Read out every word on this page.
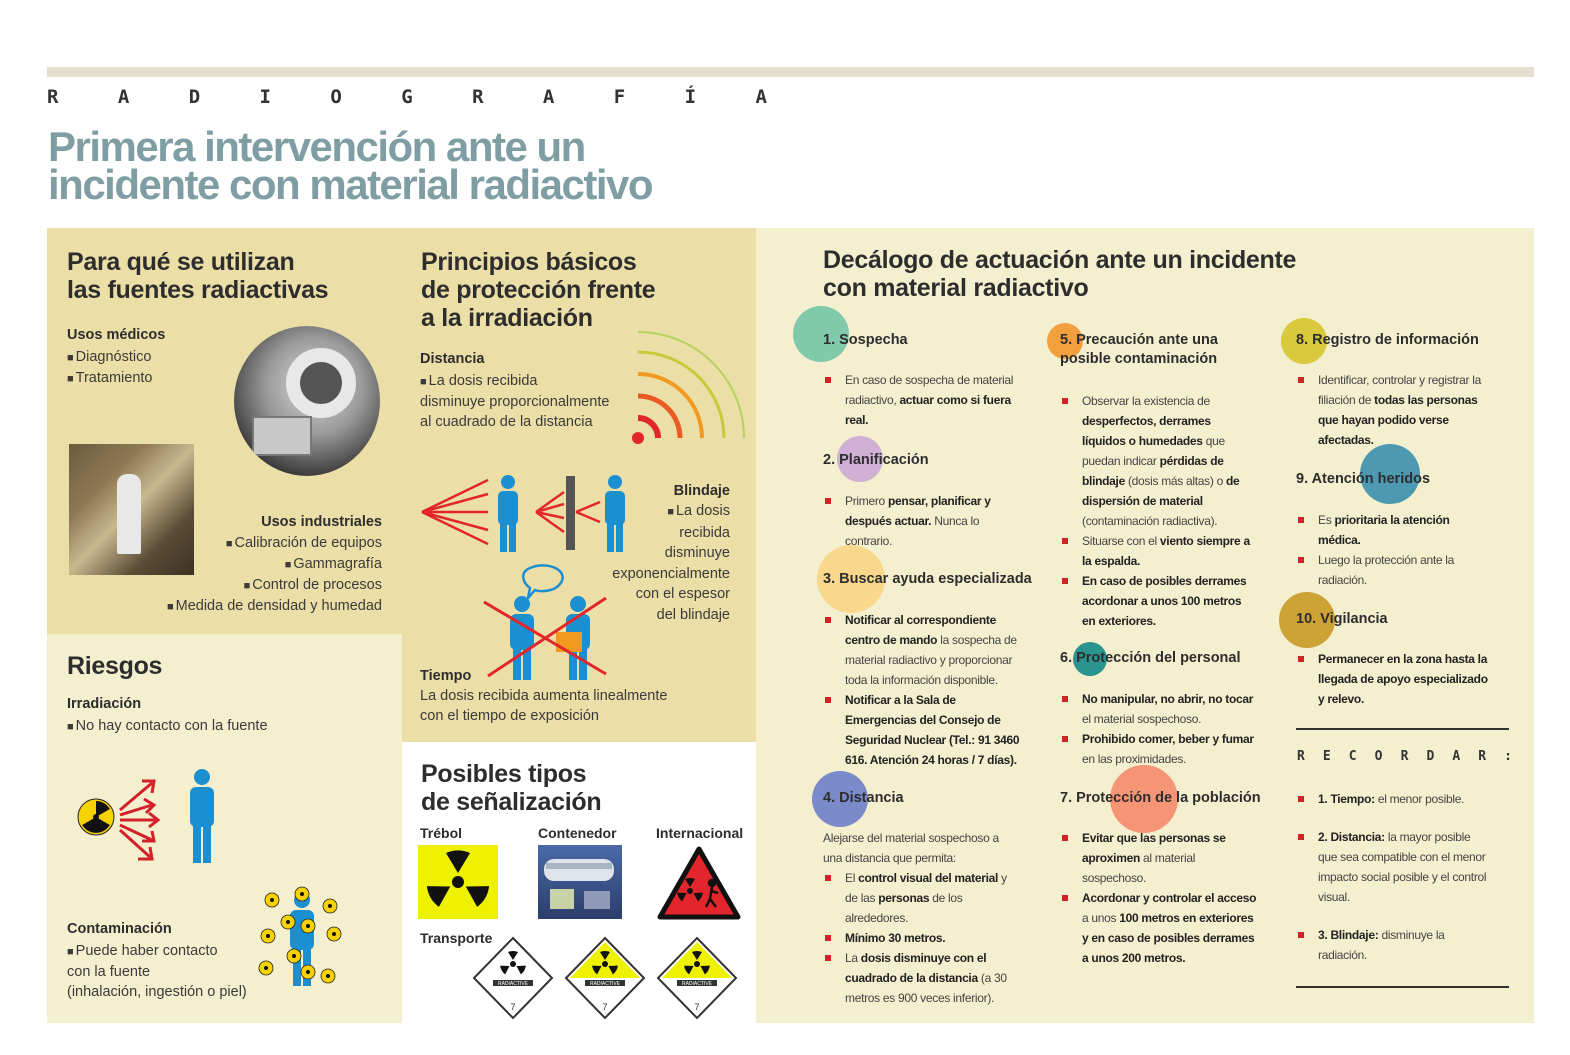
R	A	D	I	O	G	R	A	F	Í	A
Primera intervención ante un
incidente con material radiactivo
Para qué se utilizan
las fuentes radiactivas
Usos médicos
■ Diagnóstico
■ Tratamiento
Usos industriales
■ Calibración de equipos
■ Gammagrafía
■ Control de procesos
■ Medida de densidad y humedad
Riesgos
Irradiación
■ No hay contacto con la fuente
Contaminación
■ Puede haber contacto
con la fuente
(inhalación, ingestión o piel)
Principios básicos
de protección frente
a la irradiación
Distancia
■ La dosis recibida
disminuye proporcionalmente
al cuadrado de la distancia
Blindaje
■ La dosis
recibida
disminuye
exponencialmente
con el espesor
del blindaje
Tiempo
La dosis recibida aumenta linealmente
con el tiempo de exposición
Posibles tipos
de señalización
Trébol	Contenedor	Internacional
Transporte
RADIACTIVE
7
RADIACTIVE
7
RADIACTIVE
7
Decálogo de actuación ante un incidente
con material radiactivo
1. Sospecha
En caso de sospecha de material
radiactivo, actuar como si fuera
real.
2. Planificación
Primero pensar, planificar y
después actuar. Nunca lo
contrario.
3. Buscar ayuda especializada
Notificar al correspondiente
centro de mando la sospecha de
material radiactivo y proporcionar
toda la información disponible.
Notificar a la Sala de
Emergencias del Consejo de
Seguridad Nuclear (Tel.: 91 3460
616. Atención 24 horas / 7 días).
4. Distancia
Alejarse del material sospechoso a
una distancia que permita:
El control visual del material y
de las personas de los
alrededores.
Mínimo 30 metros.
La dosis disminuye con el
cuadrado de la distancia (a 30
metros es 900 veces inferior).
5. Precaución ante una
posible contaminación
Observar la existencia de
desperfectos, derrames
líquidos o humedades que
puedan indicar pérdidas de
blindaje (dosis más altas) o de
dispersión de material
(contaminación radiactiva).
Situarse con el viento siempre a
la espalda.
En caso de posibles derrames
acordonar a unos 100 metros
en exteriores.
6. Protección del personal
No manipular, no abrir, no tocar
el material sospechoso.
Prohibido comer, beber y fumar
en las proximidades.
7. Protección de la población
Evitar que las personas se
aproximen al material
sospechoso.
Acordonar y controlar el acceso
a unos 100 metros en exteriores
y en caso de posibles derrames
a unos 200 metros.
8. Registro de información
Identificar, controlar y registrar la
filiación de todas las personas
que hayan podido verse
afectadas.
9. Atención heridos
Es prioritaria la atención
médica.
Luego la protección ante la
radiación.
10. Vigilancia
Permanecer en la zona hasta la
llegada de apoyo especializado
y relevo.
R E C O R D A R :
1. Tiempo: el menor posible.
2. Distancia: la mayor posible
que sea compatible con el menor
impacto social posible y el control
visual.
3. Blindaje: disminuye la
radiación.
